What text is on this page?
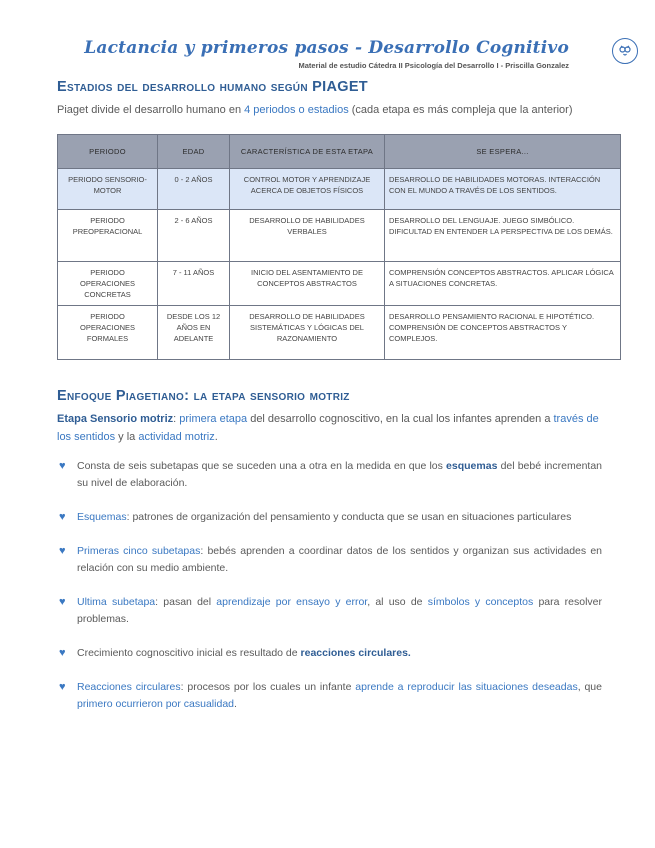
Lactancia y primeros pasos - Desarrollo Cognitivo
Material de estudio Cátedra II Psicología del Desarrollo I - Priscilla Gonzalez
Estadios del desarrollo humano según PIAGET
Piaget divide el desarrollo humano en 4 periodos o estadios (cada etapa es más compleja que la anterior)
PERIODO	EDAD	CARACTERÍSTICA DE ESTA ETAPA	SE ESPERA...
PERIODO SENSORIO-MOTOR	0 - 2 AÑOS	CONTROL MOTOR Y APRENDIZAJE ACERCA DE OBJETOS FÍSICOS	DESARROLLO DE HABILIDADES MOTORAS. INTERACCIÓN CON EL MUNDO A TRAVÉS DE LOS SENTIDOS.
PERIODO PREOPERACIONAL	2 - 6 AÑOS	DESARROLLO DE HABILIDADES VERBALES	DESARROLLO DEL LENGUAJE. JUEGO SIMBÓLICO. DIFICULTAD EN ENTENDER LA PERSPECTIVA DE LOS DEMÁS.
PERIODO OPERACIONES CONCRETAS	7 - 11 AÑOS	INICIO DEL ASENTAMIENTO DE CONCEPTOS ABSTRACTOS	COMPRENSIÓN CONCEPTOS ABSTRACTOS. APLICAR LÓGICA A SITUACIONES CONCRETAS.
PERIODO OPERACIONES FORMALES	DESDE LOS 12 AÑOS EN ADELANTE	DESARROLLO DE HABILIDADES SISTEMÁTICAS Y LÓGICAS DEL RAZONAMIENTO	DESARROLLO PENSAMIENTO RACIONAL E HIPOTÉTICO. COMPRENSIÓN DE CONCEPTOS ABSTRACTOS Y COMPLEJOS.
Enfoque Piagetiano: la etapa sensorio motriz
Etapa Sensorio motriz: primera etapa del desarrollo cognoscitivo, en la cual los infantes aprenden a través de los sentidos y la actividad motriz.
♥ Consta de seis subetapas que se suceden una a otra en la medida en que los esquemas del bebé incrementan su nivel de elaboración.
♥ Esquemas: patrones de organización del pensamiento y conducta que se usan en situaciones particulares
♥ Primeras cinco subetapas: bebés aprenden a coordinar datos de los sentidos y organizan sus actividades en relación con su medio ambiente.
♥ Ultima subetapa: pasan del aprendizaje por ensayo y error, al uso de símbolos y conceptos para resolver problemas.
♥ Crecimiento cognoscitivo inicial es resultado de reacciones circulares.
♥ Reacciones circulares: procesos por los cuales un infante aprende a reproducir las situaciones deseadas, que primero ocurrieron por casualidad.
